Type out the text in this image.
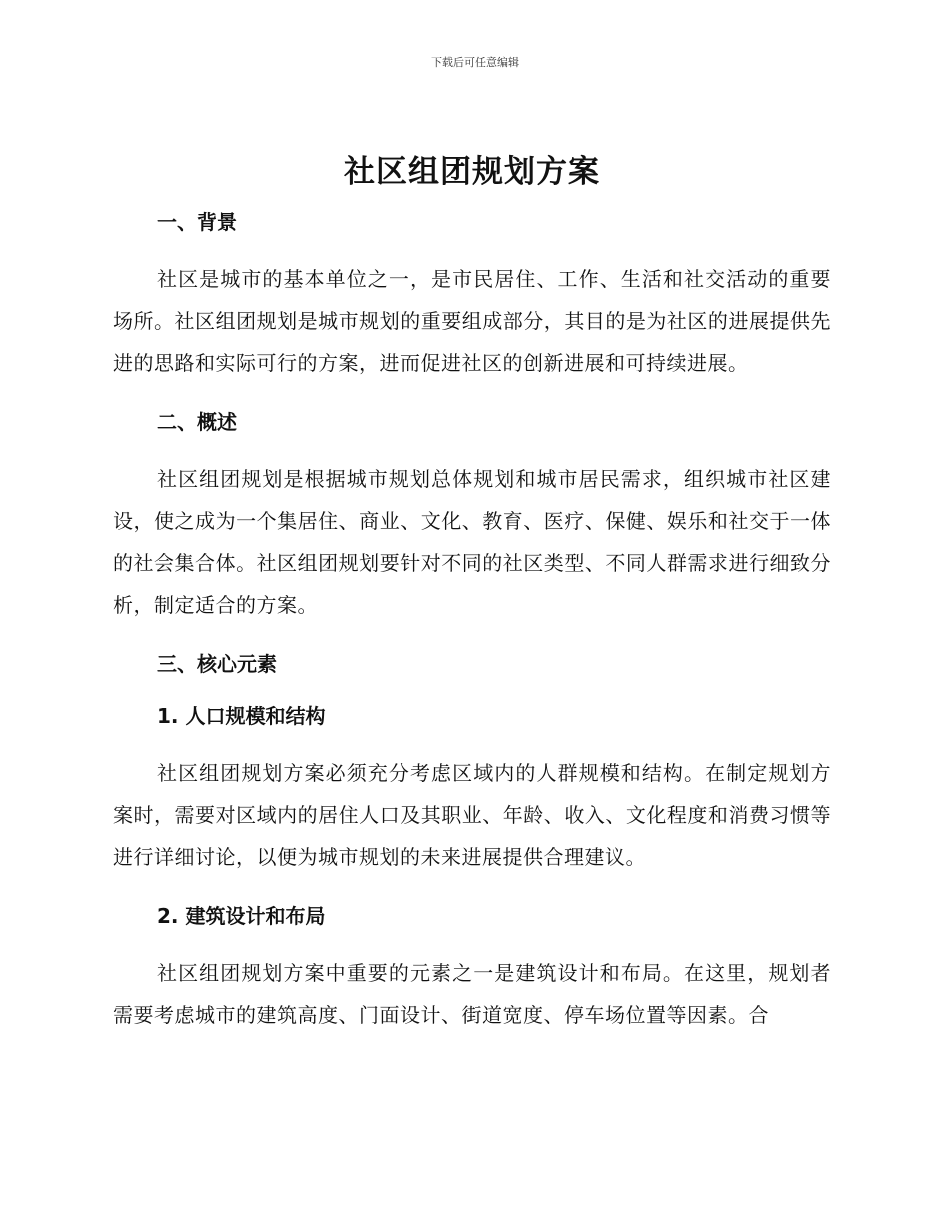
下载后可任意编辑
社区组团规划方案
一、背景

社区是城市的基本单位之一，是市民居住、工作、生活和社交活动的重要场所。社区组团规划是城市规划的重要组成部分，其目的是为社区的进展提供先进的思路和实际可行的方案，进而促进社区的创新进展和可持续进展。

二、概述

社区组团规划是根据城市规划总体规划和城市居民需求，组织城市社区建设，使之成为一个集居住、商业、文化、教育、医疗、保健、娱乐和社交于一体的社会集合体。社区组团规划要针对不同的社区类型、不同人群需求进行细致分析，制定适合的方案。

三、核心元素
1. 人口规模和结构

社区组团规划方案必须充分考虑区域内的人群规模和结构。在制定规划方案时，需要对区域内的居住人口及其职业、年龄、收入、文化程度和消费习惯等进行详细讨论，以便为城市规划的未来进展提供合理建议。

2. 建筑设计和布局

社区组团规划方案中重要的元素之一是建筑设计和布局。在这里，规划者需要考虑城市的建筑高度、门面设计、街道宽度、停车场位置等因素。合
